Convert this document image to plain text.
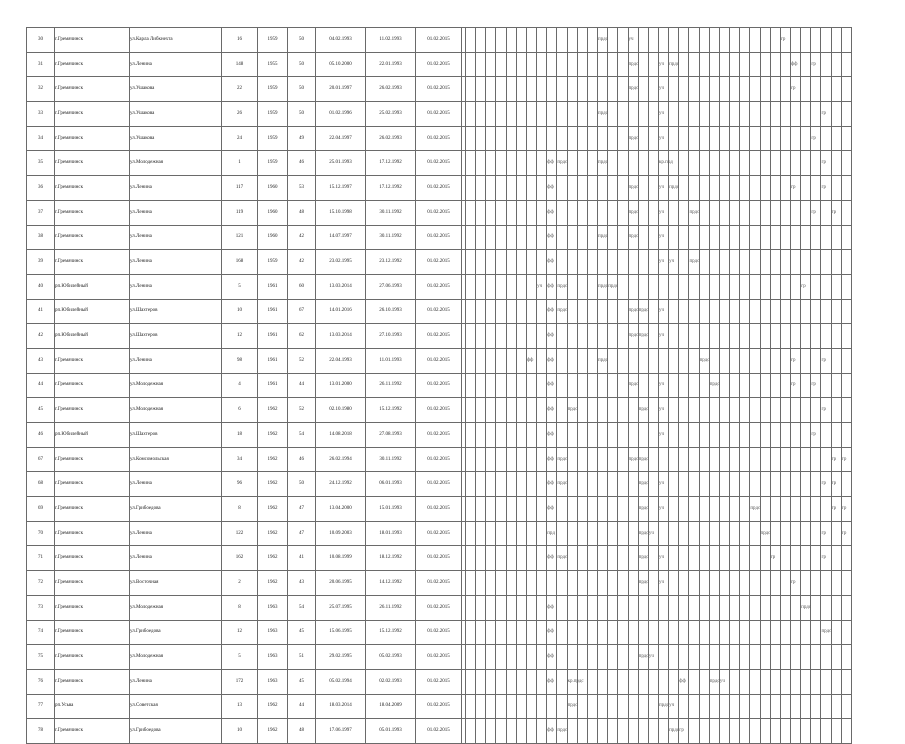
30	г.Гремячинск	ул.Карла Либкнехта	16	1959	50	04.02.1993	11.02.1993	01.02.2015															прдс			уч															гр						
31	г.Гремячинск	ул.Ленина	148	1955	50	05.10.2000	22.01.1993	01.02.2015																		прдс			уч	прдс												фф		гр			
32	г.Гремячинск	ул.Ушакова	22	1959	50	20.01.1997	26.02.1993	01.02.2015																		прдс			уч													гр					
33	г.Гремячинск	ул.Ушакова	26	1959	50	01.02.1996	25.02.1993	01.02.2015															прдс						уч																гр		
34	г.Гремячинск	ул.Ушакова	24	1959	49	22.04.1997	26.02.1993	01.02.2015																		прдс			уч															гр			
35	г.Гремячинск	ул.Молодежная	1	1959	46	25.01.1993	17.12.1992	01.02.2015										фф	прдс				прдс						кр.прд																гр		
36	г.Гремячинск	ул.Ленина	117	1960	53	15.12.1997	17.12.1992	01.02.2015										фф								прдс			уч	прдс												гр			гр		
37	г.Гремячинск	ул.Ленина	119	1960	48	15.10.1998	30.11.1992	01.02.2015										фф								прдс			уч			прдс												гр		гр	
38	г.Гремячинск	ул.Ленина	121	1960	42	14.07.1997	30.11.1992	01.02.2015										фф					прдс			прдс			уч																		
39	г.Гремячинск	ул.Ленина	168	1959	42	23.02.1995	23.12.1992	01.02.2015										фф											уч	уч		прдс															
40	рп.Юбилейный	ул.Ленина	5	1961	60	13.03.2014	27.06.1993	01.02.2015									уч	фф	прдс				прдс	прдс																			гр				
41	рп.Юбилейный	ул.Шахтеров	10	1961	67	14.01.2016	26.10.1993	01.02.2015										фф	прдс							прдс	прдс		уч																		
42	рп.Юбилейный	ул.Шахтеров	12	1961	62	13.03.2014	27.10.1993	01.02.2015										фф								прдс	прдс		уч																		
43	г.Гремячинск	ул.Ленина	98	1961	52	22.04.1993	11.01.1993	01.02.2015								фф		фф					прдс										прдс									гр			гр		
44	г.Гремячинск	ул.Молодежная	4	1961	44	13.01.2000	26.11.1992	01.02.2015										фф								прдс			уч					прдс								гр		гр			
45	г.Гремячинск	ул.Молодежная	6	1962	52	02.10.1980	15.12.1992	01.02.2015										фф		прдс							прдс		уч																гр		
46	рп.Юбилейный	ул.Шахтеров	18	1962	54	14.08.2018	27.08.1993	01.02.2015										фф											уч															гр			
67	г.Гремячинск	ул.Комсомольская	34	1962	46	26.02.1994	30.11.1992	01.02.2015										фф	прдс							прдс	прдс																			гр	гр
68	г.Гремячинск	ул.Ленина	96	1962	50	24.12.1992	06.01.1993	01.02.2015										фф	прдс								прдс		уч																гр	гр	
69	г.Гремячинск	ул.Грибоедова	8	1962	47	13.04.2000	15.01.1993	01.02.2015										фф									прдс		уч									прдс								гр	гр
70	г.Гремячинск	ул.Ленина	122	1962	47	10.09.2003	18.01.1993	01.02.2015										прд									прдс	уч											прдс						гр		гр
71	г.Гремячинск	ул.Ленина	162	1962	41	10.08.1999	18.12.1992	01.02.2015										фф	прдс								прдс		уч											гр					гр		
72	г.Гремячинск	ул.Восточная	2	1962	43	20.06.1995	14.12.1992	01.02.2015																			прдс		уч													гр					
73	г.Гремячинск	ул.Молодежная	8	1963	54	25.07.1995	26.11.1992	01.02.2015										фф																									прдс				
74	г.Гремячинск	ул.Грибоедова	12	1963	45	15.06.1995	15.12.1992	01.02.2015										фф																											прдс		
75	г.Гремячинск	ул.Молодежная	5	1963	51	29.02.1995	05.02.1993	01.02.2015										фф									прдс	уч																			
76	г.Гремячинск	ул.Ленина	172	1963	45	05.02.1994	02.02.1993	01.02.2015										фф		кр.прдс											фф			прдс	уч												
77	рп.Усьва	ул.Советская	13	1962	44	18.03.2014	18.04.2009	01.02.2015												прдс									прдс	уч																	
78	г.Гремячинск	ул.Грибоедова	10	1962	48	17.06.1997	05.01.1993	01.02.2015										фф	прдс											прдс	гр																
